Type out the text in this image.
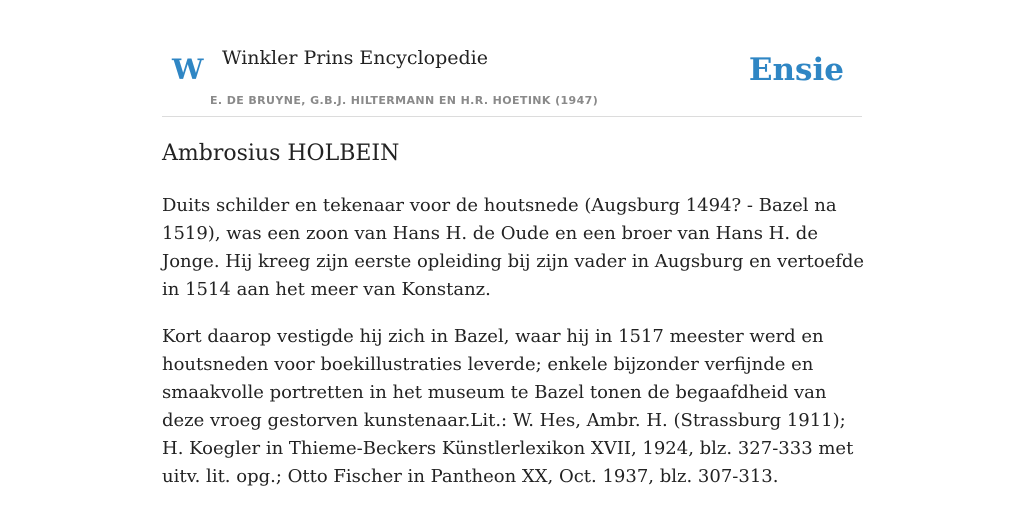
W Winkler Prins Encyclopedie
E. DE BRUYNE, G.B.J. HILTERMANN EN H.R. HOETINK (1947)
Ensie
Ambrosius HOLBEIN

Duits schilder en tekenaar voor de houtsnede (Augsburg 1494? - Bazel na 1519), was een zoon van Hans H. de Oude en een broer van Hans H. de Jonge. Hij kreeg zijn eerste opleiding bij zijn vader in Augsburg en vertoefde in 1514 aan het meer van Konstanz.

Kort daarop vestigde hij zich in Bazel, waar hij in 1517 meester werd en houtsneden voor boekillustraties leverde; enkele bijzonder verfijnde en smaakvolle portretten in het museum te Bazel tonen de begaafdheid van deze vroeg gestorven kunstenaar.Lit.: W. Hes, Ambr. H. (Strassburg 1911); H. Koegler in Thieme-Beckers Künstlerlexikon XVII, 1924, blz. 327-333 met uitv. lit. opg.; Otto Fischer in Pantheon XX, Oct. 1937, blz. 307-313.
